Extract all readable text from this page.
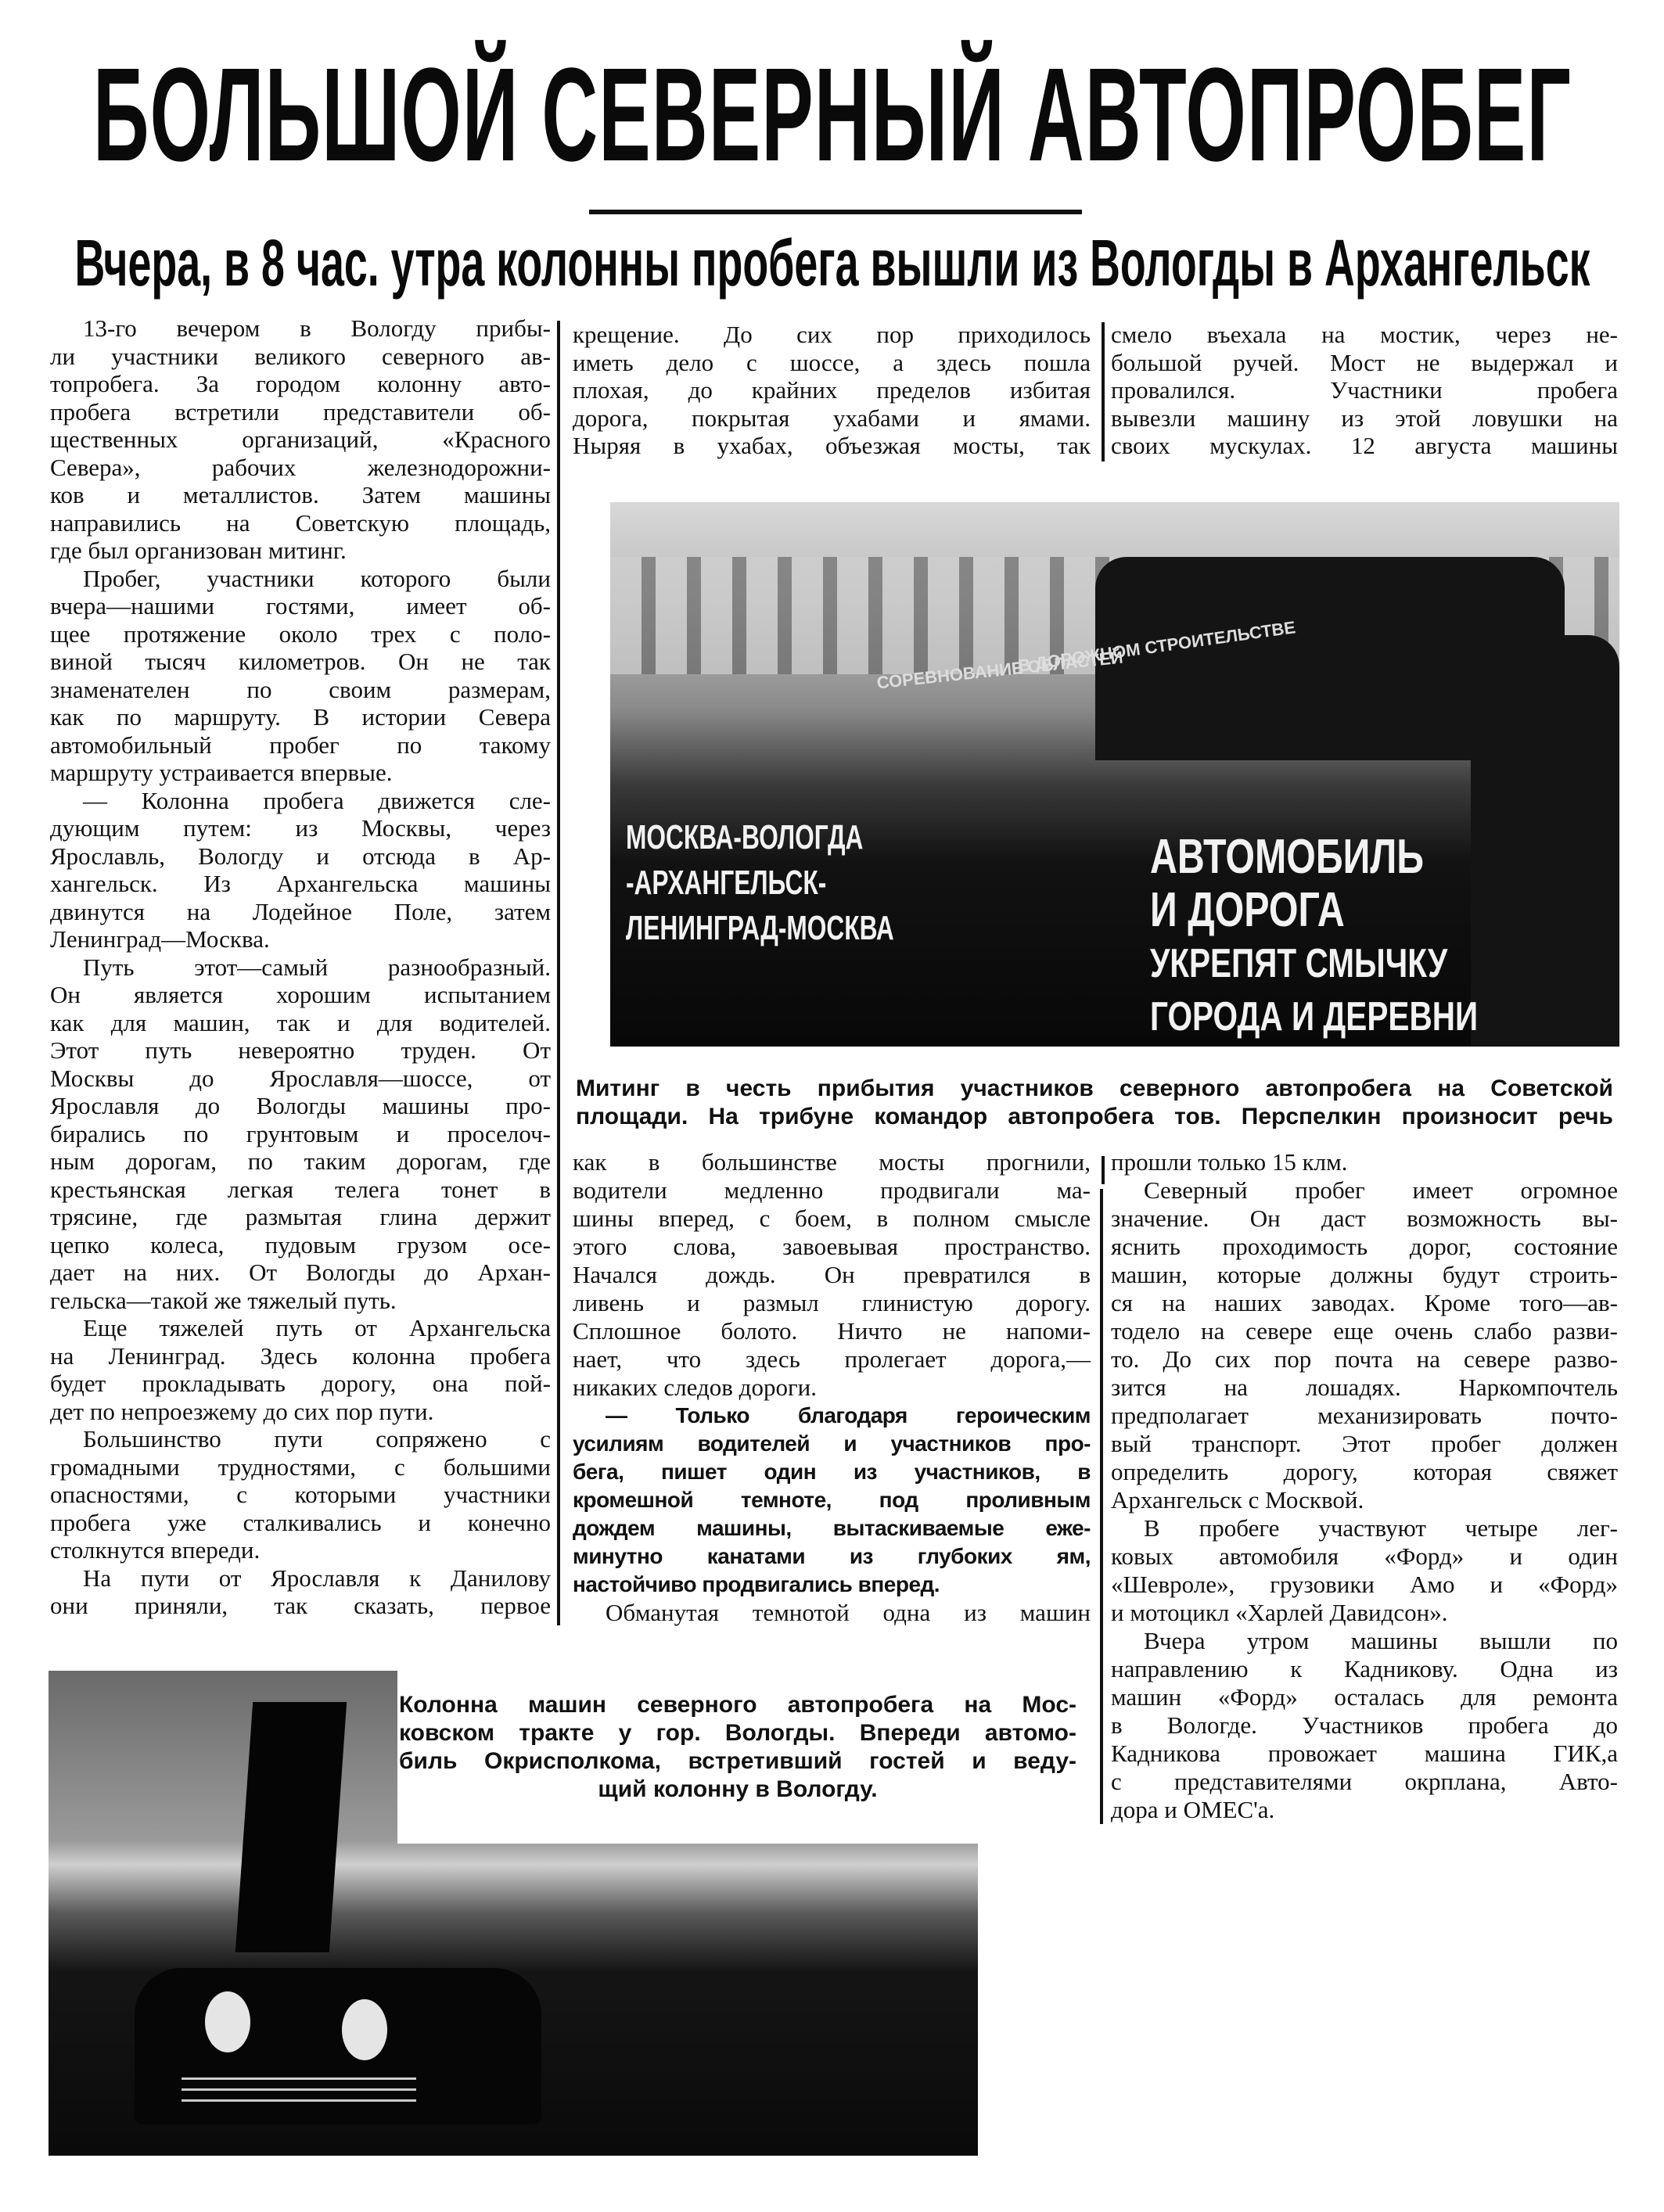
БОЛЬШОЙ СЕВЕРНЫЙ АВТОПРОБЕГ
Вчера, в 8 час. утра колонны пробега вышли из Вологды в Архангельск
13-го вечером в Вологду прибы-
ли участники великого северного ав-
топробега. За городом колонну авто-
пробега встретили представители об-
щественных организаций, «Красного
Севера», рабочих железнодорожни-
ков и металлистов. Затем машины
направились на Советскую площадь,
где был организован митинг.
Пробег, участники которого были
вчера—нашими гостями, имеет об-
щее протяжение около трех с поло-
виной тысяч километров. Он не так
знаменателен по своим размерам,
как по маршруту. В истории Севера
автомобильный пробег по такому
маршруту устраивается впервые.
— Колонна пробега движется сле-
дующим путем: из Москвы, через
Ярославль, Вологду и отсюда в Ар-
хангельск. Из Архангельска машины
двинутся на Лодейное Поле, затем
Ленинград—Москва.
Путь этот—самый разнообразный.
Он является хорошим испытанием
как для машин, так и для водителей.
Этот путь невероятно труден. От
Москвы до Ярославля—шоссе, от
Ярославля до Вологды машины про-
бирались по грунтовым и проселоч-
ным дорогам, по таким дорогам, где
крестьянская легкая телега тонет в
трясине, где размытая глина держит
цепко колеса, пудовым грузом осе-
дает на них. От Вологды до Архан-
гельска—такой же тяжелый путь.
Еще тяжелей путь от Архангельска
на Ленинград. Здесь колонна пробега
будет прокладывать дорогу, она пой-
дет по непроезжему до сих пор пути.
Большинство пути сопряжено с
громадными трудностями, с большими
опасностями, с которыми участники
пробега уже сталкивались и конечно
столкнутся впереди.
На пути от Ярославля к Данилову
они приняли, так сказать, первое
крещение. До сих пор приходилось
иметь дело с шоссе, а здесь пошла
плохая, до крайних пределов избитая
дорога, покрытая ухабами и ямами.
Ныряя в ухабах, объезжая мосты, так
смело въехала на мостик, через не-
большой ручей. Мост не выдержал и
провалился. Участники пробега
вывезли машину из этой ловушки на
своих мускулах. 12 августа машины
СОРЕВНОВАНИЕ ОБЛАСТЕЙ
В ДОРОЖНОМ СТРОИТЕЛЬСТВЕ
МОСКВА-ВОЛОГДА
-АРХАНГЕЛЬСК-
ЛЕНИНГРАД-МОСКВА
АВТОМОБИЛЬ
И ДОРОГА
УКРЕПЯТ СМЫЧКУ
ГОРОДА И ДЕРЕВНИ
Митинг в честь прибытия участников северного автопробега на Советской
площади. На трибуне командор автопробега тов. Перспелкин произносит речь
как в большинстве мосты прогнили,
водители медленно продвигали ма-
шины вперед, с боем, в полном смысле
этого слова, завоевывая пространство.
Начался дождь. Он превратился в
ливень и размыл глинистую дорогу.
Сплошное болото. Ничто не напоми-
нает, что здесь пролегает дорога,—
никаких следов дороги.
— Только благодаря героическим
усилиям водителей и участников про-
бега, пишет один из участников, в
кромешной темноте, под проливным
дождем машины, вытаскиваемые еже-
минутно канатами из глубоких ям,
настойчиво продвигались вперед.
Обманутая темнотой одна из машин
прошли только 15 клм.
Северный пробег имеет огромное
значение. Он даст возможность вы-
яснить проходимость дорог, состояние
машин, которые должны будут строить-
ся на наших заводах. Кроме того—ав-
тодело на севере еще очень слабо разви-
то. До сих пор почта на севере разво-
зится на лошадях. Наркомпочтель
предполагает механизировать почто-
вый транспорт. Этот пробег должен
определить дорогу, которая свяжет
Архангельск с Москвой.
В пробеге участвуют четыре лег-
ковых автомобиля «Форд» и один
«Шевроле», грузовики Амо и «Форд»
и мотоцикл «Харлей Давидсон».
Вчера утром машины вышли по
направлению к Кадникову. Одна из
машин «Форд» осталась для ремонта
в Вологде. Участников пробега до
Кадникова провожает машина ГИК,а
с представителями окрплана, Авто-
дора и ОМЕС'а.
Колонна машин северного автопробега на Мос-
ковском тракте у гор. Вологды. Впереди автомо-
биль Окрисполкома, встретивший гостей и веду-
щий колонну в Вологду.
